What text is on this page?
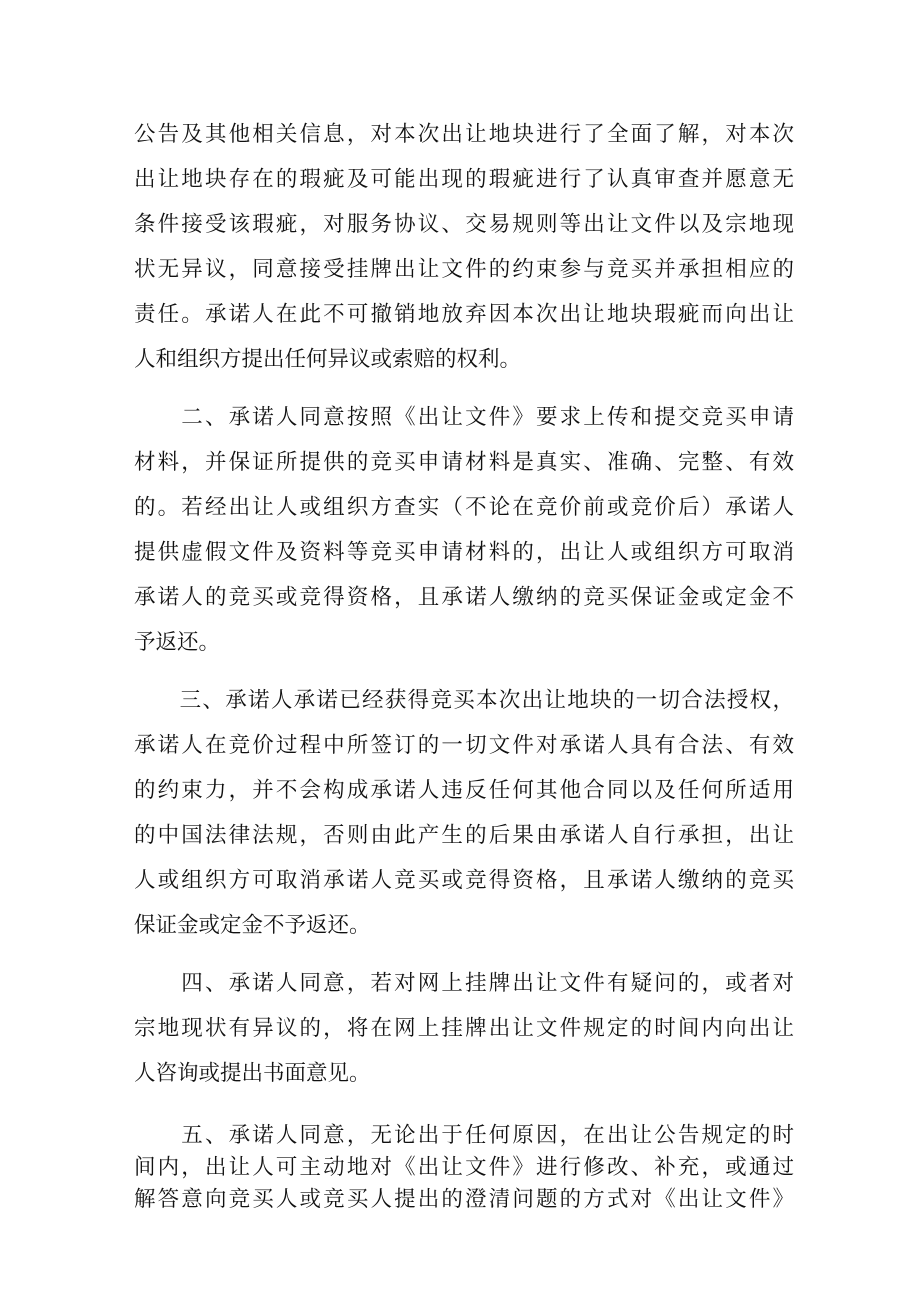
公告及其他相关信息，对本次出让地块进行了全面了解，对本次
出让地块存在的瑕疵及可能出现的瑕疵进行了认真审查并愿意无
条件接受该瑕疵，对服务协议、交易规则等出让文件以及宗地现
状无异议，同意接受挂牌出让文件的约束参与竞买并承担相应的
责任。承诺人在此不可撤销地放弃因本次出让地块瑕疵而向出让
人和组织方提出任何异议或索赔的权利。
　　二、承诺人同意按照《出让文件》要求上传和提交竞买申请
材料，并保证所提供的竞买申请材料是真实、准确、完整、有效
的。若经出让人或组织方查实（不论在竞价前或竞价后）承诺人
提供虚假文件及资料等竞买申请材料的，出让人或组织方可取消
承诺人的竞买或竞得资格，且承诺人缴纳的竞买保证金或定金不
予返还。
　　三、承诺人承诺已经获得竞买本次出让地块的一切合法授权，
承诺人在竞价过程中所签订的一切文件对承诺人具有合法、有效
的约束力，并不会构成承诺人违反任何其他合同以及任何所适用
的中国法律法规，否则由此产生的后果由承诺人自行承担，出让
人或组织方可取消承诺人竞买或竞得资格，且承诺人缴纳的竞买
保证金或定金不予返还。
　　四、承诺人同意，若对网上挂牌出让文件有疑问的，或者对
宗地现状有异议的，将在网上挂牌出让文件规定的时间内向出让
人咨询或提出书面意见。
　　五、承诺人同意，无论出于任何原因，在出让公告规定的时
间内，出让人可主动地对《出让文件》进行修改、补充，或通过
解答意向竞买人或竞买人提出的澄清问题的方式对《出让文件》
